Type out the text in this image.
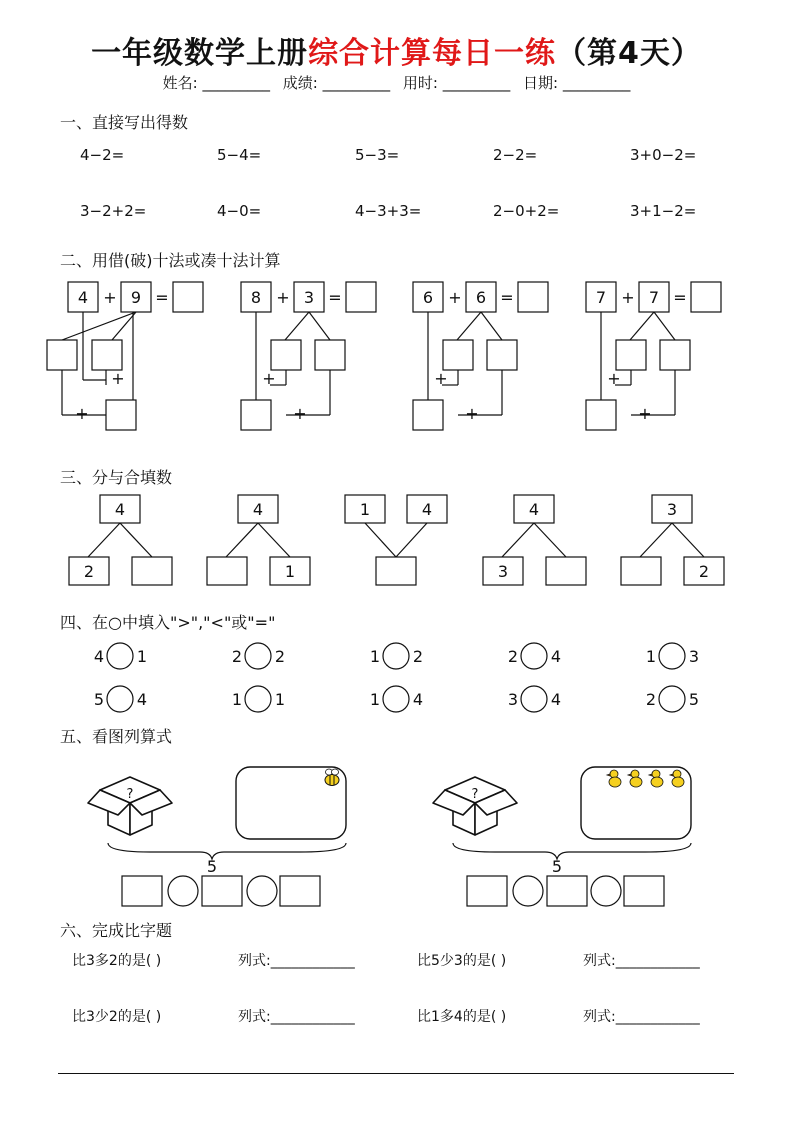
一年级数学上册综合计算每日一练（第4天）
姓名: _________ 成绩: _________ 用时: _________ 日期: _________
一、直接写出得数
4−2=	5−4=	5−3=	2−2=	3+0−2=
3−2+2=	4−0=	4−3+3=	2−0+2=	3+1−2=
二、用借(破)十法或凑十法计算
4 + 9 =
+
+
8 + 3 =
+
+
6 + 6 =
+
+
7 + 7 =
+
+
三、分与合填数
4
2
4
1
1	4	4
3
3
2
四、在○中填入">","<"或"="
4 1	2 2	1 2	2 4	1 3
5 4	1 1	1 4	3 4	2 5
五、看图列算式
?
5
?
5
六、完成比字题
比3多2的是( )	列式:____________	比5少3的是( )	列式:____________
比3少2的是( )	列式:____________	比1多4的是( )	列式:____________
